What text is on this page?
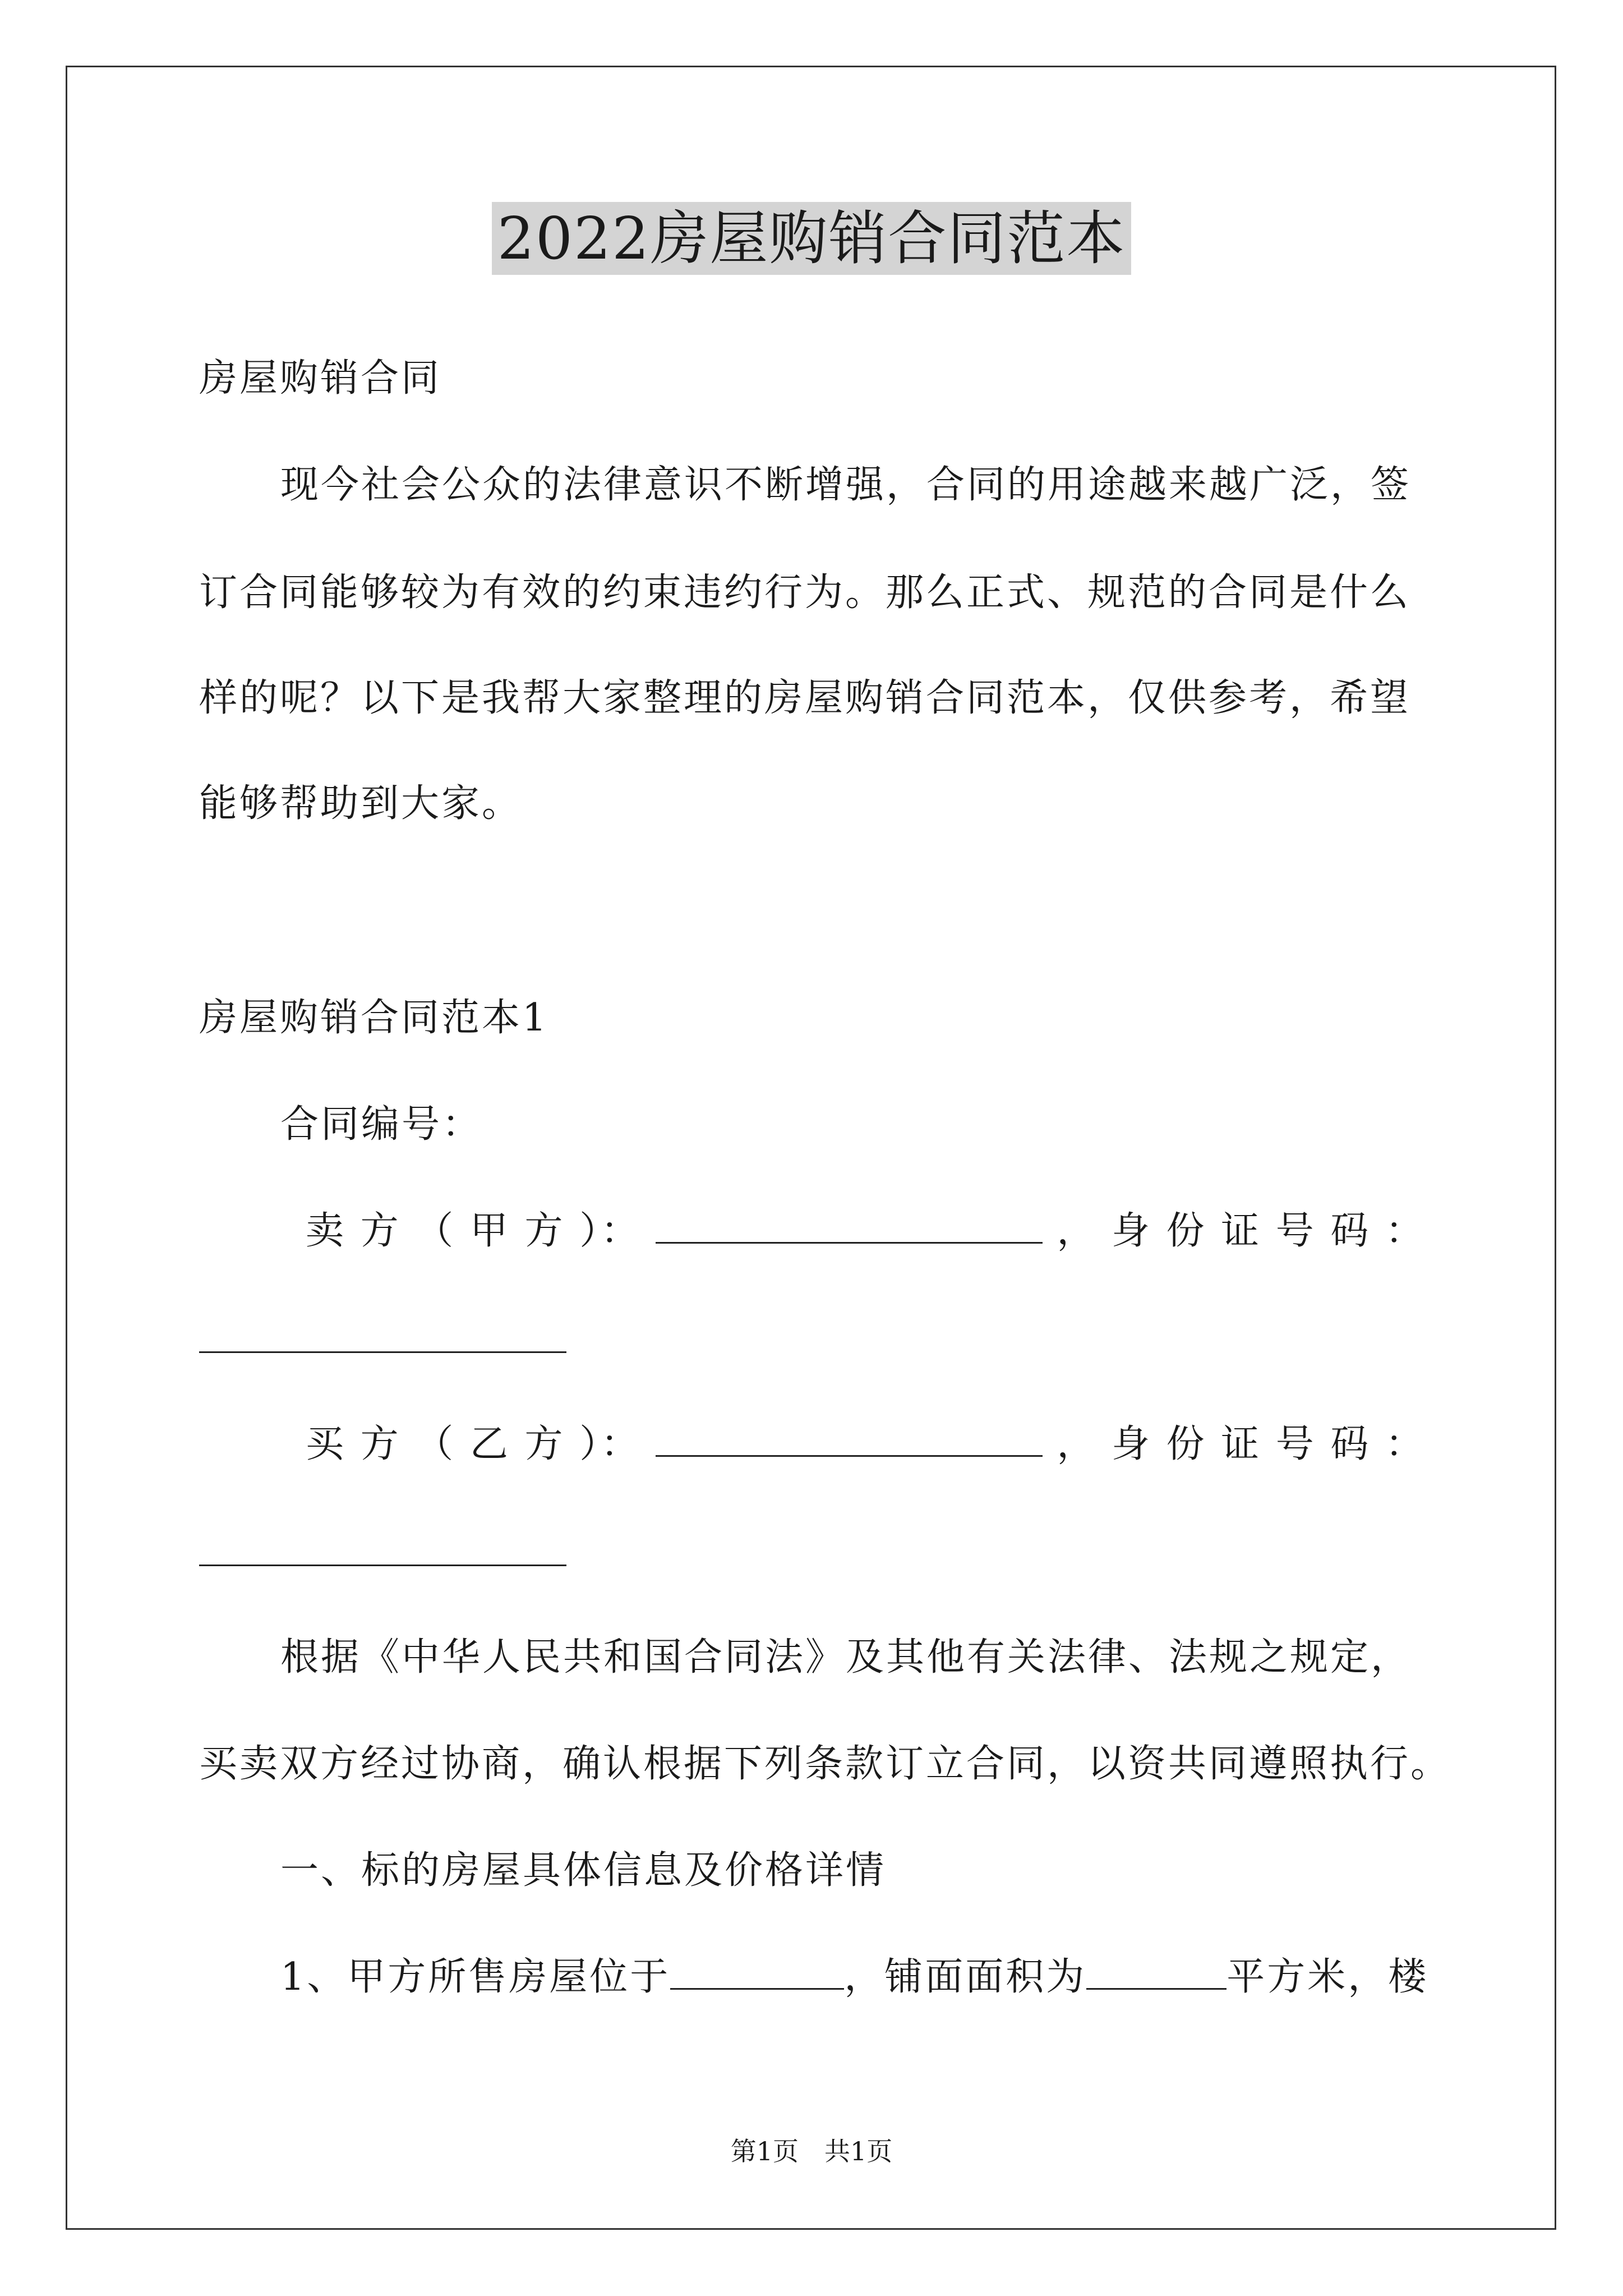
2022房屋购销合同范本
房屋购销合同
现今社会公众的法律意识不断增强，合同的用途越来越广泛，签
订合同能够较为有效的约束违约行为。那么正式、规范的合同是什么
样的呢？以下是我帮大家整理的房屋购销合同范本，仅供参考，希望
能够帮助到大家。
房屋购销合同范本1
合同编号：
卖 方 （ 甲 方 ）：	， 身 份 证 号 码 ：
买 方 （ 乙 方 ）：	， 身 份 证 号 码 ：
根据《中华人民共和国合同法》及其他有关法律、法规之规定，
买卖双方经过协商，确认根据下列条款订立合同，以资共同遵照执行。
一、标的房屋具体信息及价格详情
1、甲方所售房屋位于	，铺面面积为	平方米，楼
第1页　共1页
